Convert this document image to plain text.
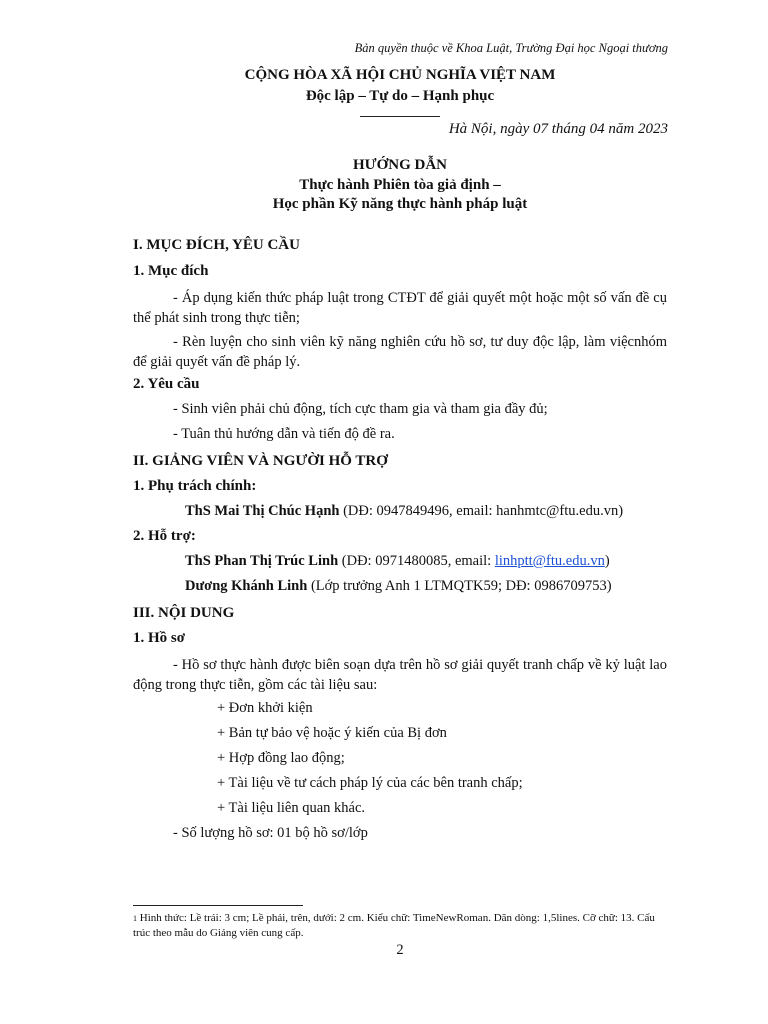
Bản quyền thuộc về Khoa Luật, Trường Đại học Ngoại thương
CỘNG HÒA XÃ HỘI CHỦ NGHĨA VIỆT NAM
Độc lập – Tự do – Hạnh phục
Hà Nội, ngày 07 tháng 04 năm 2023
HƯỚNG DẪN
Thực hành Phiên tòa giả định –
Học phần Kỹ năng thực hành pháp luật
I. MỤC ĐÍCH, YÊU CẦU
1. Mục đích
- Áp dụng kiến thức pháp luật trong CTĐT để giải quyết một hoặc một số vấn đề cụ thể phát sinh trong thực tiễn;
- Rèn luyện cho sinh viên kỹ năng nghiên cứu hồ sơ, tư duy độc lập, làm việcnhóm để giải quyết vấn đề pháp lý.
2. Yêu cầu
- Sinh viên phải chủ động, tích cực tham gia và tham gia đầy đủ;
- Tuân thủ hướng dẫn và tiến độ đề ra.
II. GIẢNG VIÊN VÀ NGƯỜI HỖ TRỢ
1. Phụ trách chính:
ThS Mai Thị Chúc Hạnh (DĐ: 0947849496, email: hanhmtc@ftu.edu.vn)
2. Hỗ trợ:
ThS Phan Thị Trúc Linh (DĐ: 0971480085, email: linhptt@ftu.edu.vn)
Dương Khánh Linh (Lớp trưởng Anh 1 LTMQTK59; DĐ: 0986709753)
III. NỘI DUNG
1. Hồ sơ
- Hồ sơ thực hành được biên soạn dựa trên hồ sơ giải quyết tranh chấp về kỷ luật lao động trong thực tiễn, gồm các tài liệu sau:
+ Đơn khởi kiện
+ Bản tự bảo vệ hoặc ý kiến của Bị đơn
+ Hợp đồng lao động;
+ Tài liệu về tư cách pháp lý của các bên tranh chấp;
+ Tài liệu liên quan khác.
- Số lượng hồ sơ: 01 bộ hồ sơ/lớp
1 Hình thức: Lề trái: 3 cm; Lề phải, trên, dưới: 2 cm. Kiểu chữ: TimeNewRoman. Dãn dòng: 1,5lines. Cỡ chữ: 13. Cấu trúc theo mẫu do Giảng viên cung cấp.
2
